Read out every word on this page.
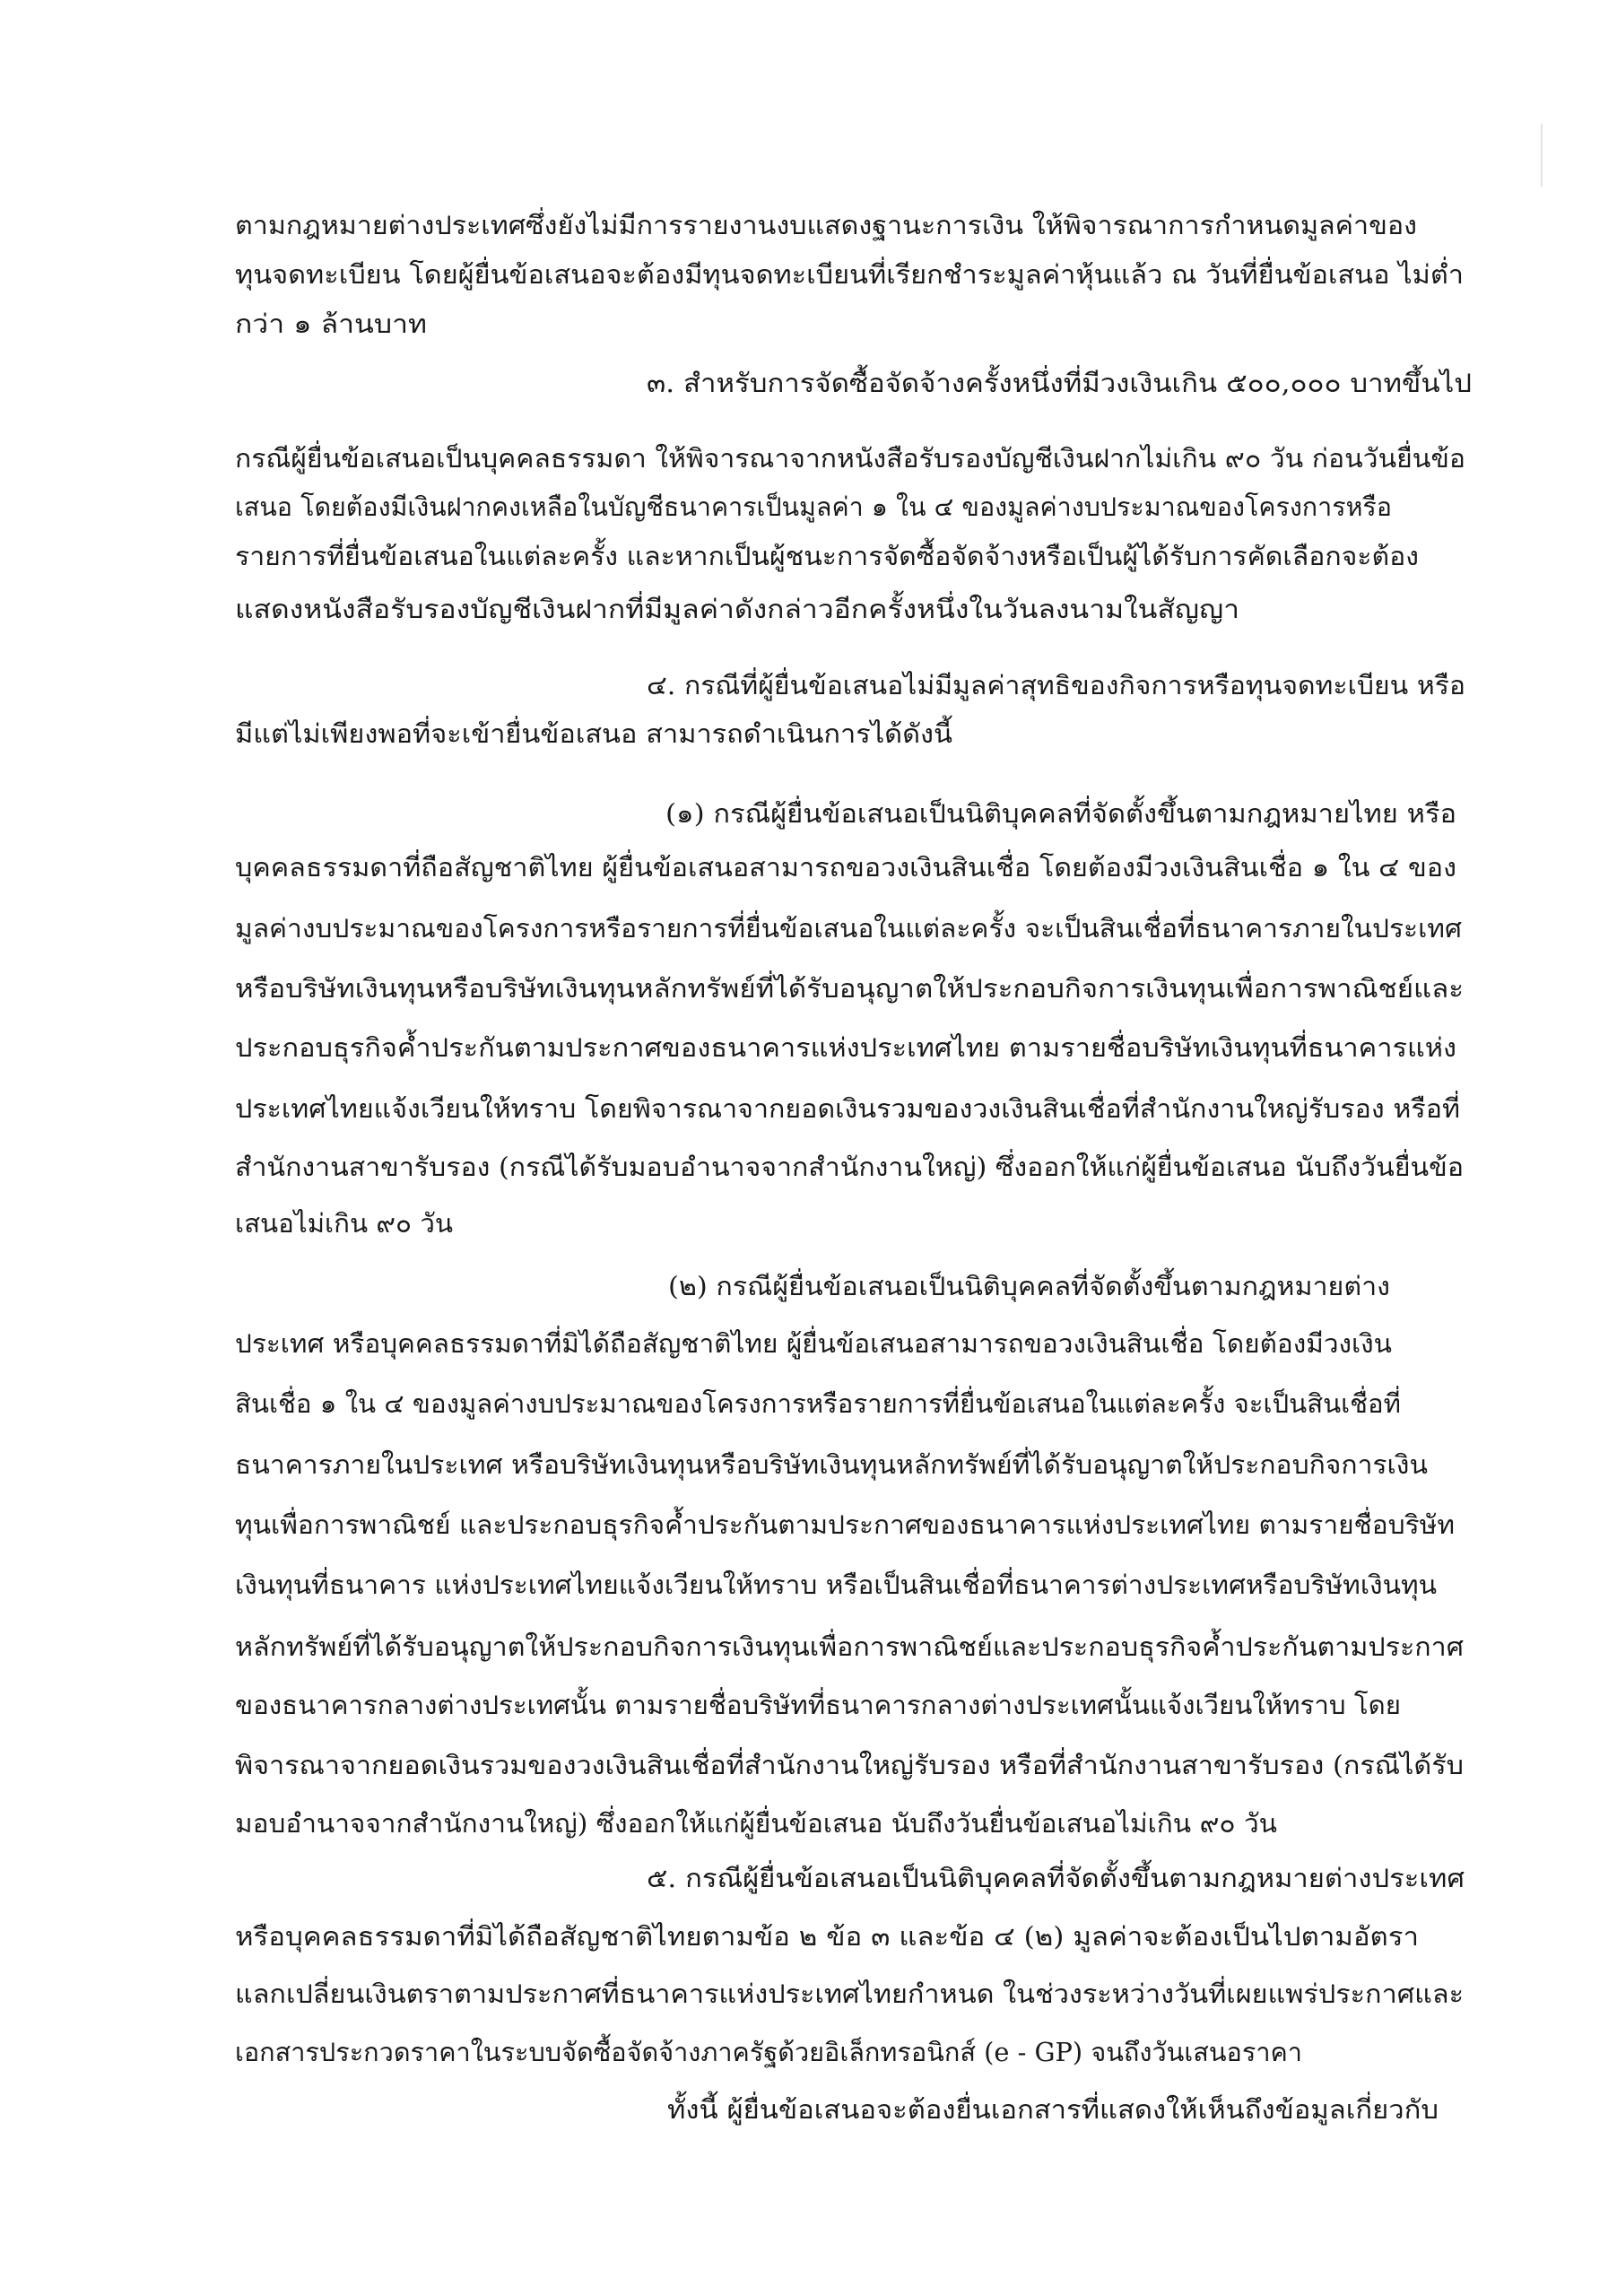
ตามกฎหมายต่างประเทศซึ่งยังไม่มีการรายงานงบแสดงฐานะการเงิน ให้พิจารณาการกำหนดมูลค่าของ
ทุนจดทะเบียน โดยผู้ยื่นข้อเสนอจะต้องมีทุนจดทะเบียนที่เรียกชำระมูลค่าหุ้นแล้ว ณ วันที่ยื่นข้อเสนอ ไม่ต่ำ
กว่า ๑ ล้านบาท
๓. สำหรับการจัดซื้อจัดจ้างครั้งหนึ่งที่มีวงเงินเกิน ๕๐๐,๐๐๐ บาทขึ้นไป
กรณีผู้ยื่นข้อเสนอเป็นบุคคลธรรมดา ให้พิจารณาจากหนังสือรับรองบัญชีเงินฝากไม่เกิน ๙๐ วัน ก่อนวันยื่นข้อ
เสนอ โดยต้องมีเงินฝากคงเหลือในบัญชีธนาคารเป็นมูลค่า ๑ ใน ๔ ของมูลค่างบประมาณของโครงการหรือ
รายการที่ยื่นข้อเสนอในแต่ละครั้ง และหากเป็นผู้ชนะการจัดซื้อจัดจ้างหรือเป็นผู้ได้รับการคัดเลือกจะต้อง
แสดงหนังสือรับรองบัญชีเงินฝากที่มีมูลค่าดังกล่าวอีกครั้งหนึ่งในวันลงนามในสัญญา
๔. กรณีที่ผู้ยื่นข้อเสนอไม่มีมูลค่าสุทธิของกิจการหรือทุนจดทะเบียน หรือ
มีแต่ไม่เพียงพอที่จะเข้ายื่นข้อเสนอ สามารถดำเนินการได้ดังนี้
(๑) กรณีผู้ยื่นข้อเสนอเป็นนิติบุคคลที่จัดตั้งขึ้นตามกฎหมายไทย หรือ
บุคคลธรรมดาที่ถือสัญชาติไทย ผู้ยื่นข้อเสนอสามารถขอวงเงินสินเชื่อ โดยต้องมีวงเงินสินเชื่อ ๑ ใน ๔ ของ
มูลค่างบประมาณของโครงการหรือรายการที่ยื่นข้อเสนอในแต่ละครั้ง จะเป็นสินเชื่อที่ธนาคารภายในประเทศ
หรือบริษัทเงินทุนหรือบริษัทเงินทุนหลักทรัพย์ที่ได้รับอนุญาตให้ประกอบกิจการเงินทุนเพื่อการพาณิชย์และ
ประกอบธุรกิจค้ำประกันตามประกาศของธนาคารแห่งประเทศไทย ตามรายชื่อบริษัทเงินทุนที่ธนาคารแห่ง
ประเทศไทยแจ้งเวียนให้ทราบ โดยพิจารณาจากยอดเงินรวมของวงเงินสินเชื่อที่สำนักงานใหญ่รับรอง หรือที่
สำนักงานสาขารับรอง (กรณีได้รับมอบอำนาจจากสำนักงานใหญ่) ซึ่งออกให้แก่ผู้ยื่นข้อเสนอ นับถึงวันยื่นข้อ
เสนอไม่เกิน ๙๐ วัน
(๒) กรณีผู้ยื่นข้อเสนอเป็นนิติบุคคลที่จัดตั้งขึ้นตามกฎหมายต่าง
ประเทศ หรือบุคคลธรรมดาที่มิได้ถือสัญชาติไทย ผู้ยื่นข้อเสนอสามารถขอวงเงินสินเชื่อ โดยต้องมีวงเงิน
สินเชื่อ ๑ ใน ๔ ของมูลค่างบประมาณของโครงการหรือรายการที่ยื่นข้อเสนอในแต่ละครั้ง จะเป็นสินเชื่อที่
ธนาคารภายในประเทศ หรือบริษัทเงินทุนหรือบริษัทเงินทุนหลักทรัพย์ที่ได้รับอนุญาตให้ประกอบกิจการเงิน
ทุนเพื่อการพาณิชย์ และประกอบธุรกิจค้ำประกันตามประกาศของธนาคารแห่งประเทศไทย ตามรายชื่อบริษัท
เงินทุนที่ธนาคาร แห่งประเทศไทยแจ้งเวียนให้ทราบ หรือเป็นสินเชื่อที่ธนาคารต่างประเทศหรือบริษัทเงินทุน
หลักทรัพย์ที่ได้รับอนุญาตให้ประกอบกิจการเงินทุนเพื่อการพาณิชย์และประกอบธุรกิจค้ำประกันตามประกาศ
ของธนาคารกลางต่างประเทศนั้น ตามรายชื่อบริษัทที่ธนาคารกลางต่างประเทศนั้นแจ้งเวียนให้ทราบ โดย
พิจารณาจากยอดเงินรวมของวงเงินสินเชื่อที่สำนักงานใหญ่รับรอง หรือที่สำนักงานสาขารับรอง (กรณีได้รับ
มอบอำนาจจากสำนักงานใหญ่) ซึ่งออกให้แก่ผู้ยื่นข้อเสนอ นับถึงวันยื่นข้อเสนอไม่เกิน ๙๐ วัน
๕. กรณีผู้ยื่นข้อเสนอเป็นนิติบุคคลที่จัดตั้งขึ้นตามกฎหมายต่างประเทศ
หรือบุคคลธรรมดาที่มิได้ถือสัญชาติไทยตามข้อ ๒ ข้อ ๓ และข้อ ๔ (๒) มูลค่าจะต้องเป็นไปตามอัตรา
แลกเปลี่ยนเงินตราตามประกาศที่ธนาคารแห่งประเทศไทยกำหนด ในช่วงระหว่างวันที่เผยแพร่ประกาศและ
เอกสารประกวดราคาในระบบจัดซื้อจัดจ้างภาครัฐด้วยอิเล็กทรอนิกส์ (e - GP) จนถึงวันเสนอราคา
ทั้งนี้ ผู้ยื่นข้อเสนอจะต้องยื่นเอกสารที่แสดงให้เห็นถึงข้อมูลเกี่ยวกับ
